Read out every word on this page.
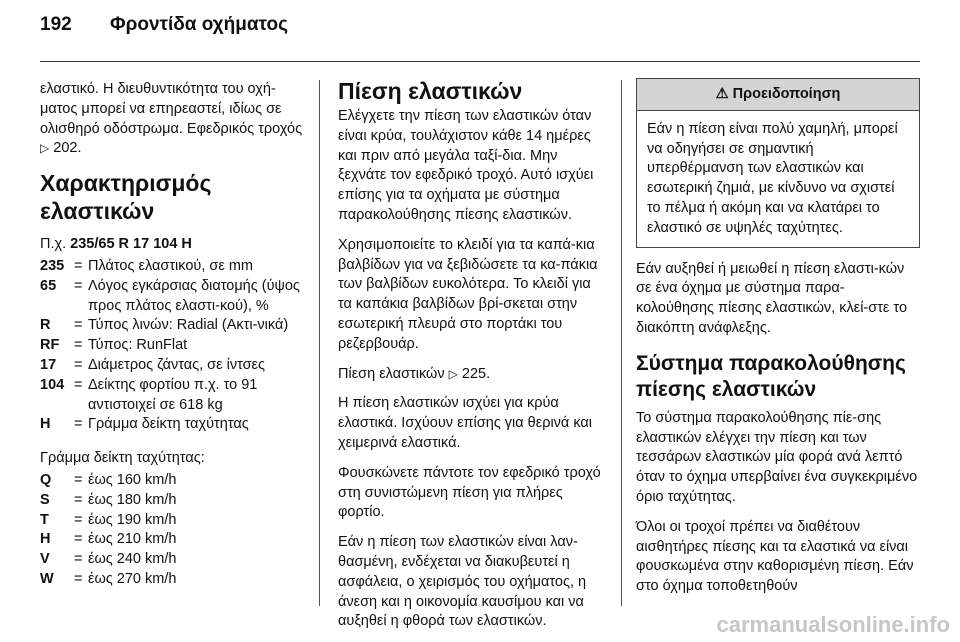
192 Φροντίδα οχήματος

ελαστικό. Η διευθυντικότητα του οχή-ματος μπορεί να επηρεαστεί, ιδίως σε ολισθηρό οδόστρωμα. Εφεδρικός τροχός ▷ 202.

Χαρακτηρισμός ελαστικών

Π.χ. 235/65 R 17 104 H

235 = Πλάτος ελαστικού, σε mm
65	= Λόγος εγκάρσιας διατομής (ύψος προς πλάτος ελαστι-κού), %
R	= Τύπος λινών: Radial (Ακτι-νικά)
RF	= Τύπος: RunFlat
17	= Διάμετρος ζάντας, σε ίντσες
104 = Δείκτης φορτίου π.χ. το 91 αντιστοιχεί σε 618 kg
H	= Γράμμα δείκτη ταχύτητας

Γράμμα δείκτη ταχύτητας:

Q	= έως 160 km/h
S	= έως 180 km/h
T	= έως 190 km/h
H	= έως 210 km/h
V	= έως 240 km/h
W	= έως 270 km/h
Πίεση ελαστικών

Ελέγχετε την πίεση των ελαστικών όταν είναι κρύα, τουλάχιστον κάθε 14 ημέρες και πριν από μεγάλα ταξί-δια. Μην ξεχνάτε τον εφεδρικό τροχό. Αυτό ισχύει επίσης για τα οχήματα με σύστημα παρακολούθησης πίεσης ελαστικών.

Χρησιμοποιείτε το κλειδί για τα καπά-κια βαλβίδων για να ξεβιδώσετε τα κα-πάκια των βαλβίδων ευκολότερα. Το κλειδί για τα καπάκια βαλβίδων βρί-σκεται στην εσωτερική πλευρά στο πορτάκι του ρεζερβουάρ.

Πίεση ελαστικών ▷ 225.

Η πίεση ελαστικών ισχύει για κρύα ελαστικά. Ισχύουν επίσης για θερινά και χειμερινά ελαστικά.

Φουσκώνετε πάντοτε τον εφεδρικό τροχό στη συνιστώμενη πίεση για πλήρες φορτίο.

Εάν η πίεση των ελαστικών είναι λαν-θασμένη, ενδέχεται να διακυβευτεί η ασφάλεια, ο χειρισμός του οχήματος, η άνεση και η οικονομία καυσίμου και να αυξηθεί η φθορά των ελαστικών.

⚠ Προειδοποίηση
Εάν η πίεση είναι πολύ χαμηλή, μπορεί να οδηγήσει σε σημαντική υπερθέρμανση των ελαστικών και εσωτερική ζημιά, με κίνδυνο να σχιστεί το πέλμα ή ακόμη και να κλατάρει το ελαστικό σε υψηλές ταχύτητες.

Εάν αυξηθεί ή μειωθεί η πίεση ελαστι-κών σε ένα όχημα με σύστημα παρα-κολούθησης πίεσης ελαστικών, κλεί-στε το διακόπτη ανάφλεξης.

Σύστημα παρακολούθησης πίεσης ελαστικών

Το σύστημα παρακολούθησης πίε-σης ελαστικών ελέγχει την πίεση και των τεσσάρων ελαστικών μία φορά ανά λεπτό όταν το όχημα υπερβαίνει ένα συγκεκριμένο όριο ταχύτητας.

Όλοι οι τροχοί πρέπει να διαθέτουν αισθητήρες πίεσης και τα ελαστικά να είναι φουσκωμένα στην καθορισμένη πίεση. Εάν στο όχημα τοποθετηθούν

carmanualsonline.info
